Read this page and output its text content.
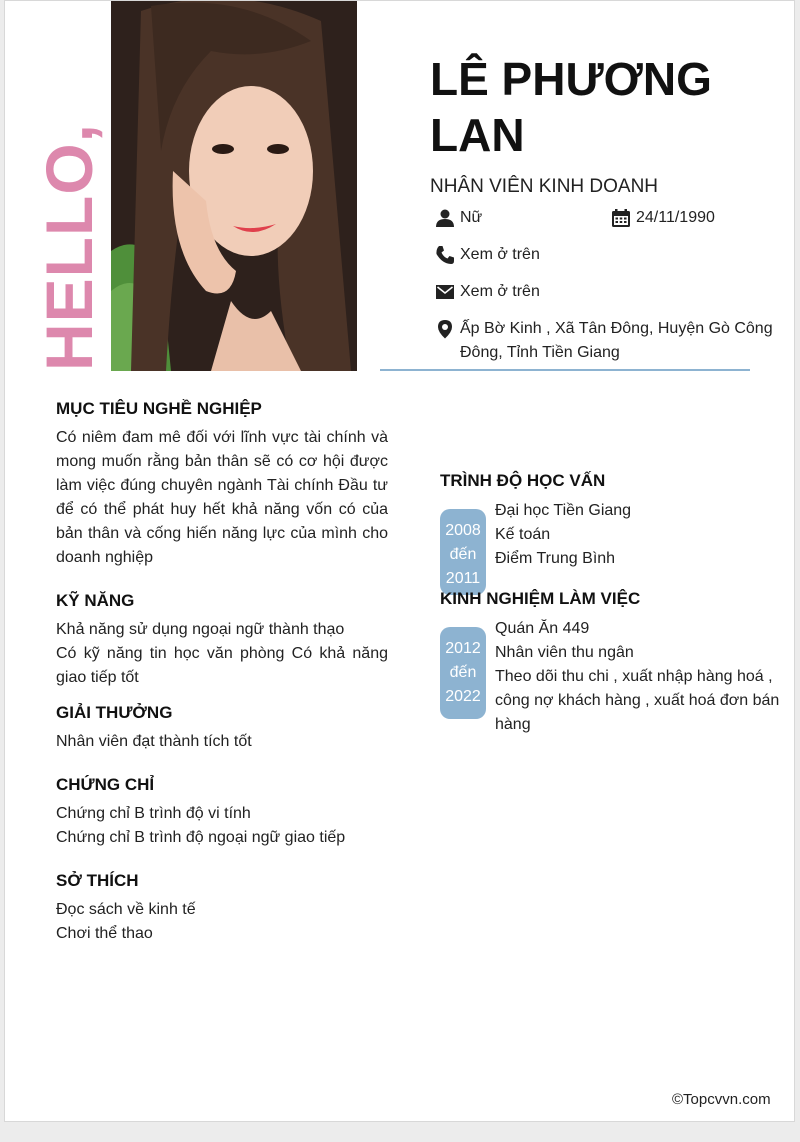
HELLO,
LÊ PHƯƠNG LAN
NHÂN VIÊN KINH DOANH
Nữ	24/11/1990
Xem ở trên
Xem ở trên
Ấp Bờ Kinh , Xã Tân Đông, Huyện Gò Công Đông, Tỉnh Tiền Giang
MỤC TIÊU NGHỀ NGHIỆP
Có niêm đam mê đối với lĩnh vực tài chính và mong muốn rằng bản thân sẽ có cơ hội được làm việc đúng chuyên ngành Tài chính Đầu tư để có thể phát huy hết khả năng vốn có của bản thân và cống hiến năng lực của mình cho doanh nghiệp
KỸ NĂNG
Khả năng sử dụng ngoại ngữ thành thạo
Có kỹ năng tin học văn phòng Có khả năng giao tiếp tốt
GIẢI THƯỞNG
Nhân viên đạt thành tích tốt
CHỨNG CHỈ
Chứng chỉ B trình độ vi tính
Chứng chỉ B trình độ ngoại ngữ giao tiếp
SỞ THÍCH
Đọc sách về kinh tế
Chơi thể thao
TRÌNH ĐỘ HỌC VẤN
2008
đến
2011
Đại học Tiền Giang
Kế toán
Điểm Trung Bình
KINH NGHIỆM LÀM VIỆC
2012
đến
2022
Quán Ăn 449
Nhân viên thu ngân
Theo dõi thu chi , xuất nhập hàng hoá , công nợ khách hàng , xuất hoá đơn bán hàng
©Topcvvn.com
